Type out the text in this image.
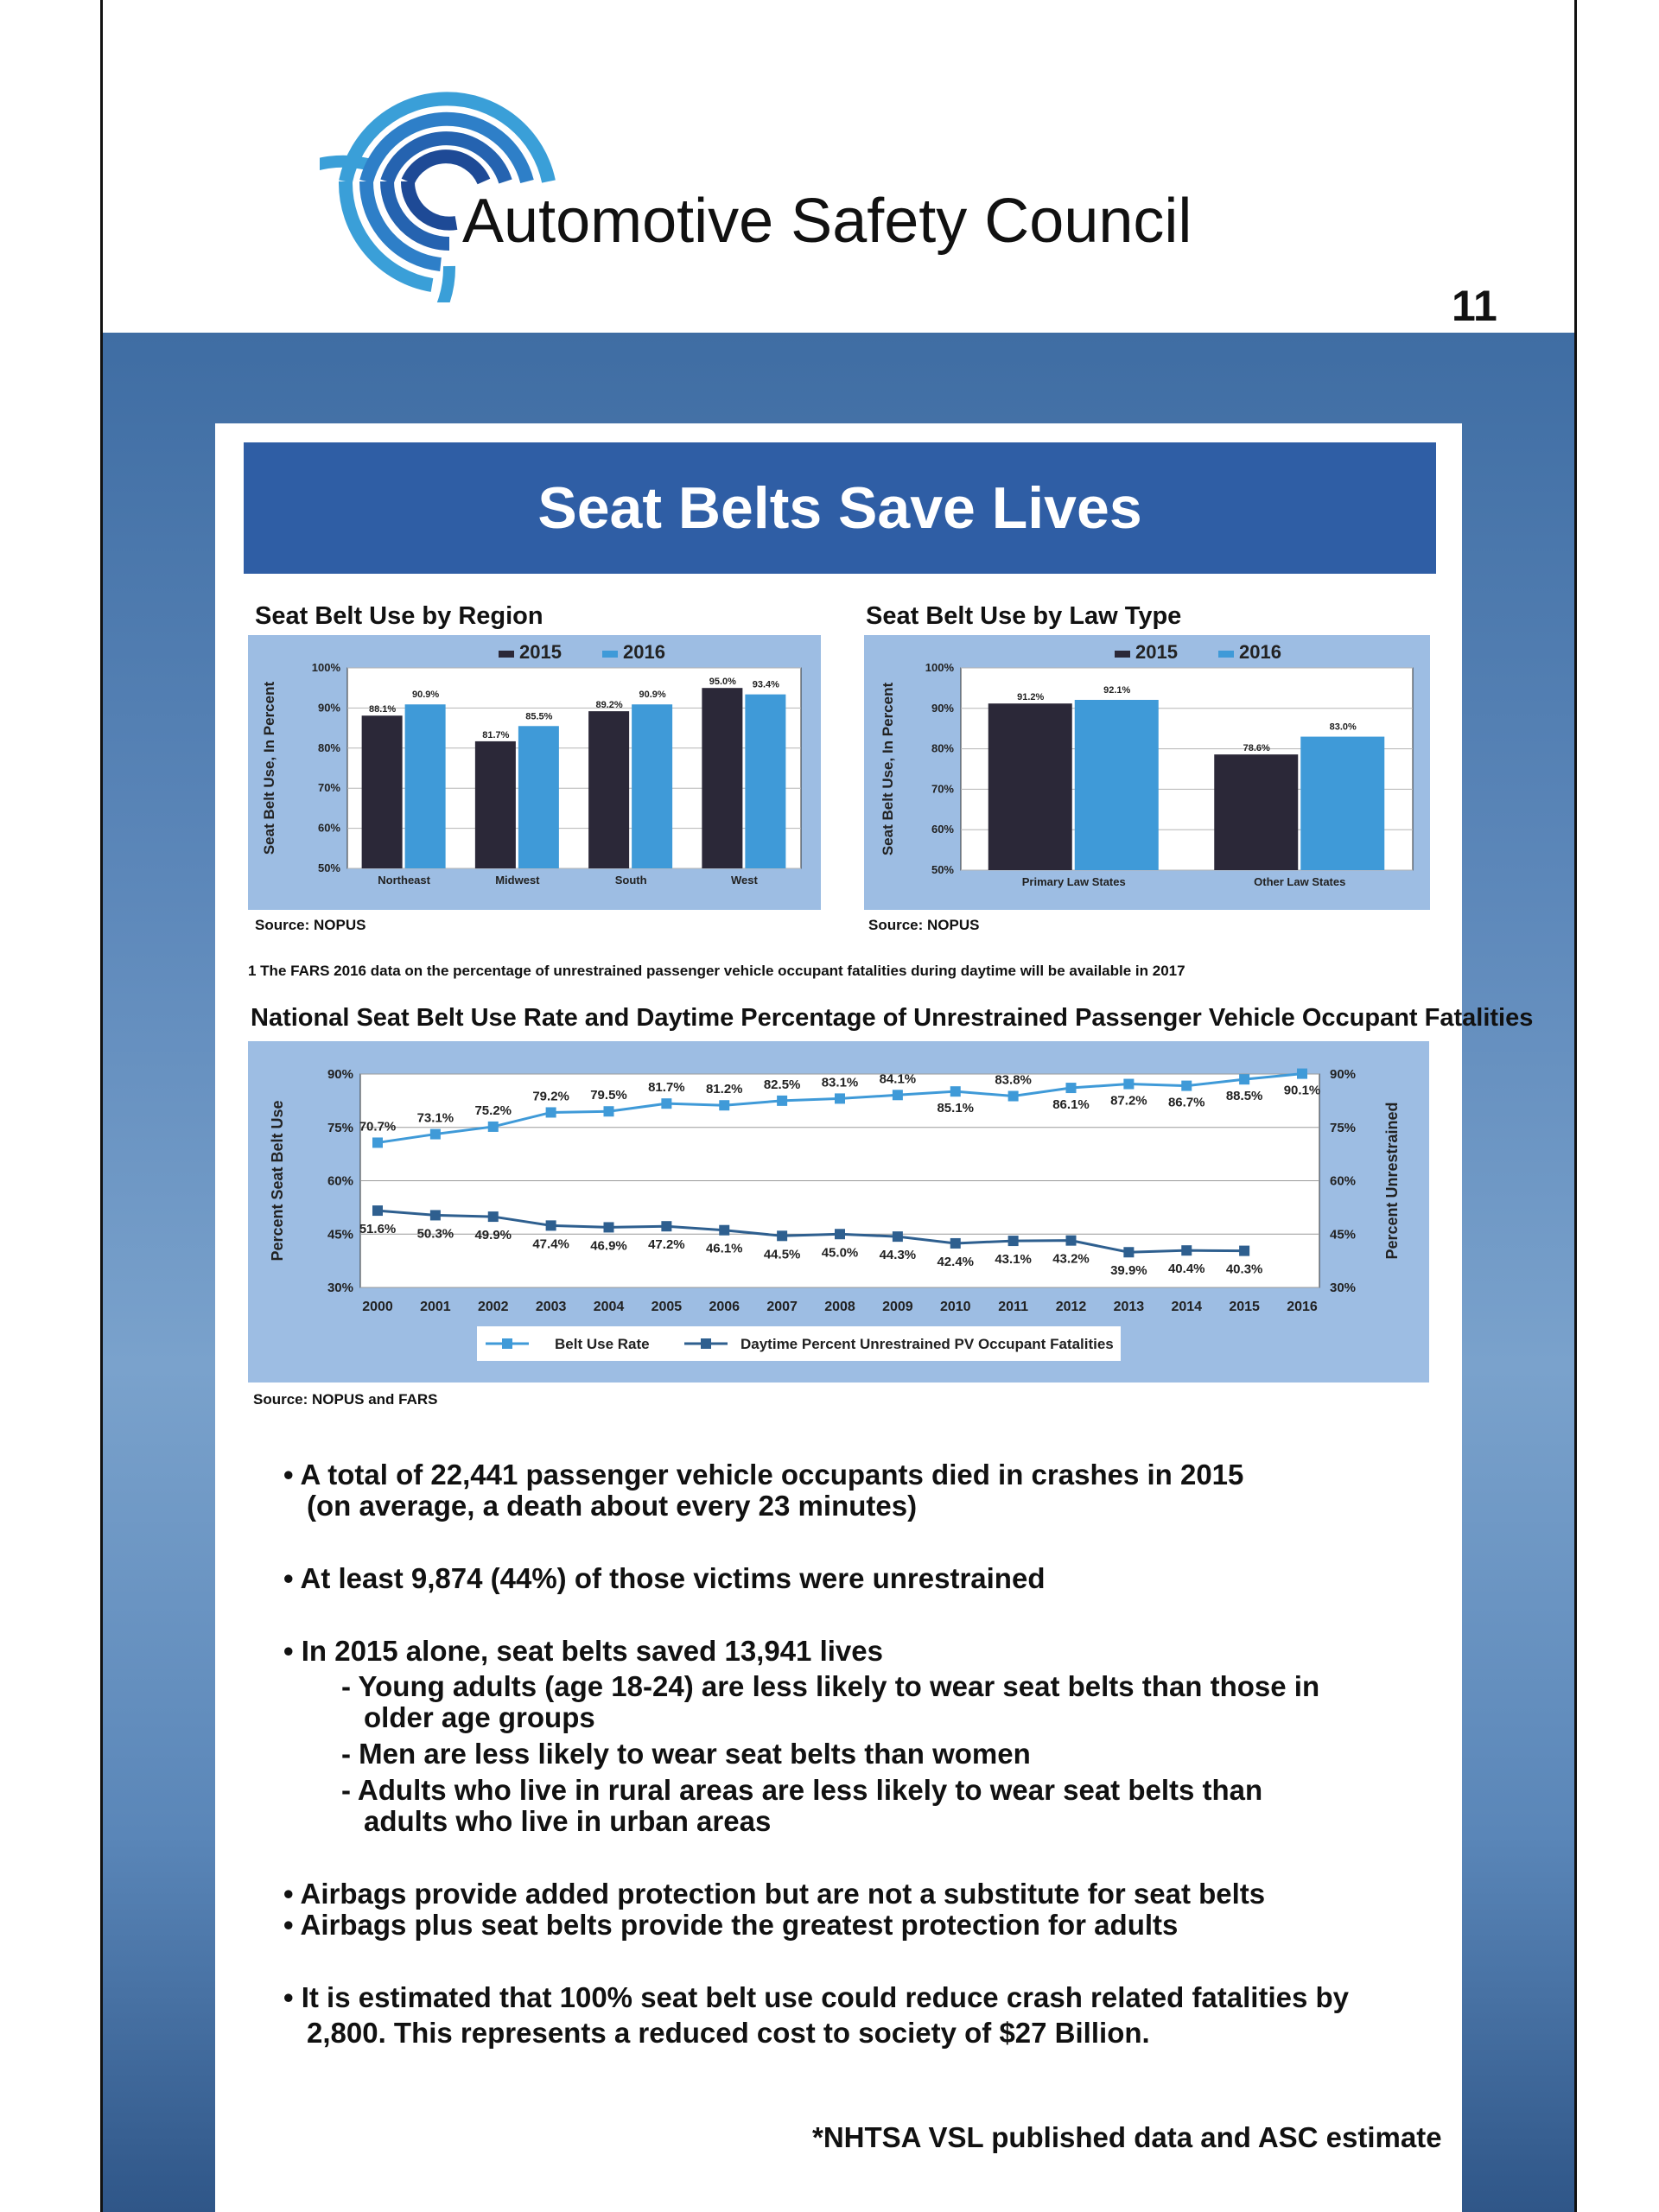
Automotive Safety Council
11
Seat Belts Save Lives
Seat Belt Use by Region
100%
90%
80%
70%
60%
50%
Seat Belt Use, In Percent
2015	2016
88.1%
90.9%
Northeast
81.7%
85.5%
Midwest
89.2%
90.9%
South
95.0% 93.4%
West
Source: NOPUS
Seat Belt Use by Law Type
100%
90%
80%
70%
60%
50%
Seat Belt Use, In Percent
2015	2016
91.2%
92.1%
Primary Law States
78.6%
83.0%
Other Law States
Source: NOPUS
1 The FARS 2016 data on the percentage of unrestrained passenger vehicle occupant fatalities during daytime will be available in 2017
National Seat Belt Use Rate and Daytime Percentage of Unrestrained Passenger Vehicle Occupant Fatalities
90%	90%
75%	75%
60%	60%
45%	45%
30%	30%
Percent Seat Belt Use	Percent Unrestrained
2000 2001 2002 2003 2004 2005 2006 2007 2008 2009 2010 2011 2012 2013 2014 2015 2016
70.7%
73.1%
75.2%
79.2% 79.5%
81.7% 81.2% 82.5% 83.1% 84.1%
85.1%
83.8%
86.1% 87.2% 86.7% 88.5% 90.1%
51.6% 50.3% 49.9%
47.4% 46.9% 47.2% 46.1% 44.5% 45.0% 44.3% 42.4% 43.1% 43.2%
39.9% 40.4% 40.3%
Belt Use Rate	Daytime Percent Unrestrained PV Occupant Fatalities
Source: NOPUS and FARS
• A total of 22,441 passenger vehicle occupants died in crashes in 2015
(on average, a death about every 23 minutes)
• At least 9,874 (44%) of those victims were unrestrained
• In 2015 alone, seat belts saved 13,941 lives
- Young adults (age 18-24) are less likely to wear seat belts than those in
older age groups
- Men are less likely to wear seat belts than women
- Adults who live in rural areas are less likely to wear seat belts than
adults who live in urban areas
• Airbags provide added protection but are not a substitute for seat belts
• Airbags plus seat belts provide the greatest protection for adults
• It is estimated that 100% seat belt use could reduce crash related fatalities by
2,800. This represents a reduced cost to society of $27 Billion.
*NHTSA VSL published data and ASC estimate
